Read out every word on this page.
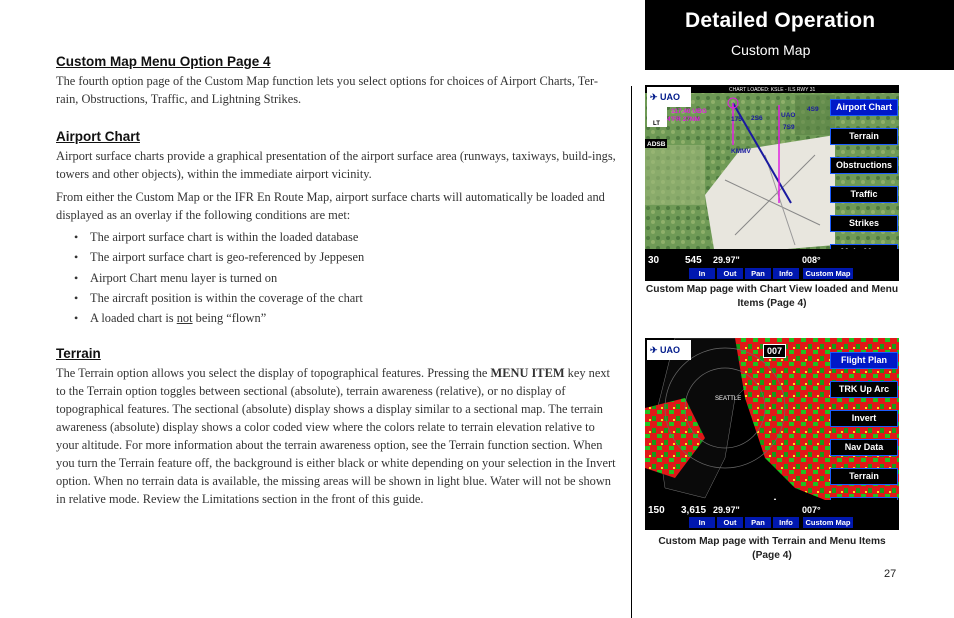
Detailed Operation
Custom Map
Custom Map Menu Option Page 4
The fourth option page of the Custom Map function lets you select options for choices of Airport Charts, Ter-rain, Obstructions, Traffic, and Lightning Strikes.
Airport Chart
Airport surface charts provide a graphical presentation of the airport surface area (runways, taxiways, build-ings, towers and other objects), within the immediate airport vicinity.
From either the Custom Map or the IFR En Route Map, airport surface charts will automatically be loaded and displayed as an overlay if the following conditions are met:
• The airport surface chart is within the loaded database
• The airport surface chart is geo-referenced by Jeppesen
• Airport Chart menu layer is turned on
• The aircraft position is within the coverage of the chart
• A loaded chart is not being “flown”
Terrain
The Terrain option allows you select the display of topographical features. Pressing the MENU ITEM key next to the Terrain option toggles between sectional (absolute), terrain awareness (relative), or no display of topographical features. The sectional (absolute) display shows a display similar to a sectional map. The terrain awareness (absolute) display shows a color coded view where the colors relate to terrain elevation relative to your altitude. For more information about the terrain awareness option, see the Terrain function section. When you turn the Terrain feature off, the background is either black or white depending on your selection in the Invert option. When no terrain data is available, the missing areas will be shown in light blue. Water will not be shown in relative mode. Review the Limitations section in the front of this guide.
CHART LOADED: KSLE - ILS RWY 31
117.40 UBG
4'FR 27NM
UAO
175 2S6
4S9
7S9
KMMV
ADSB
LT
✈ UAO
Airport Chart
Terrain
Obstructions
Traffic
Strikes
30	545 29.97"	008°
In	Out	Pan	Info	Custom Map
Custom Map page with Chart View loaded and Menu Items (Page 4)
SEATTLE
✈ UAO	007
Flight Plan
TRK Up Arc
Invert
Nav Data
Terrain
150 3,615 29.97"	007°
In	Out	Pan	Info	Custom Map
Custom Map page with Terrain and Menu Items (Page 4)
27
